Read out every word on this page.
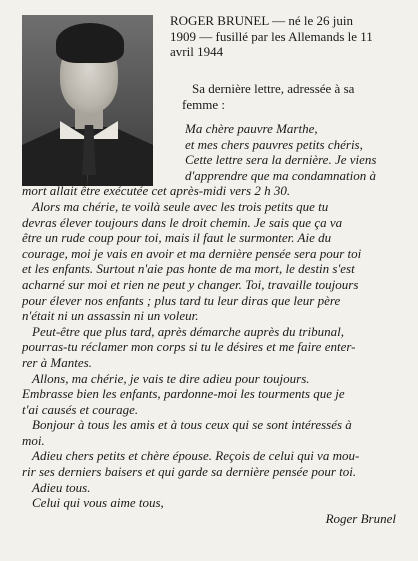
ROGER BRUNEL — né le 26 juin
1909 — fusillé par les Allemands le 11
avril 1944
Sa dernière lettre, adressée à sa
femme :
Ma chère pauvre Marthe,
et mes chers pauvres petits chéris,
Cette lettre sera la dernière. Je viens
d'apprendre que ma condamnation à
mort allait être exécutée cet après-midi vers 2 h 30.
Alors ma chérie, te voilà seule avec les trois petits que tu
devras élever toujours dans le droit chemin. Je sais que ça va
être un rude coup pour toi, mais il faut le surmonter. Aie du
courage, moi je vais en avoir et ma dernière pensée sera pour toi
et les enfants. Surtout n'aie pas honte de ma mort, le destin s'est
acharné sur moi et rien ne peut y changer. Toi, travaille toujours
pour élever nos enfants ; plus tard tu leur diras que leur père
n'était ni un assassin ni un voleur.
Peut-être que plus tard, après démarche auprès du tribunal,
pourras-tu réclamer mon corps si tu le désires et me faire enter-
rer à Mantes.
Allons, ma chérie, je vais te dire adieu pour toujours.
Embrasse bien les enfants, pardonne-moi les tourments que je
t'ai causés et courage.
Bonjour à tous les amis et à tous ceux qui se sont intéressés à
moi.
Adieu chers petits et chère épouse. Reçois de celui qui va mou-
rir ses derniers baisers et qui garde sa dernière pensée pour toi.
Adieu tous.
Celui qui vous aime tous,
Roger Brunel
